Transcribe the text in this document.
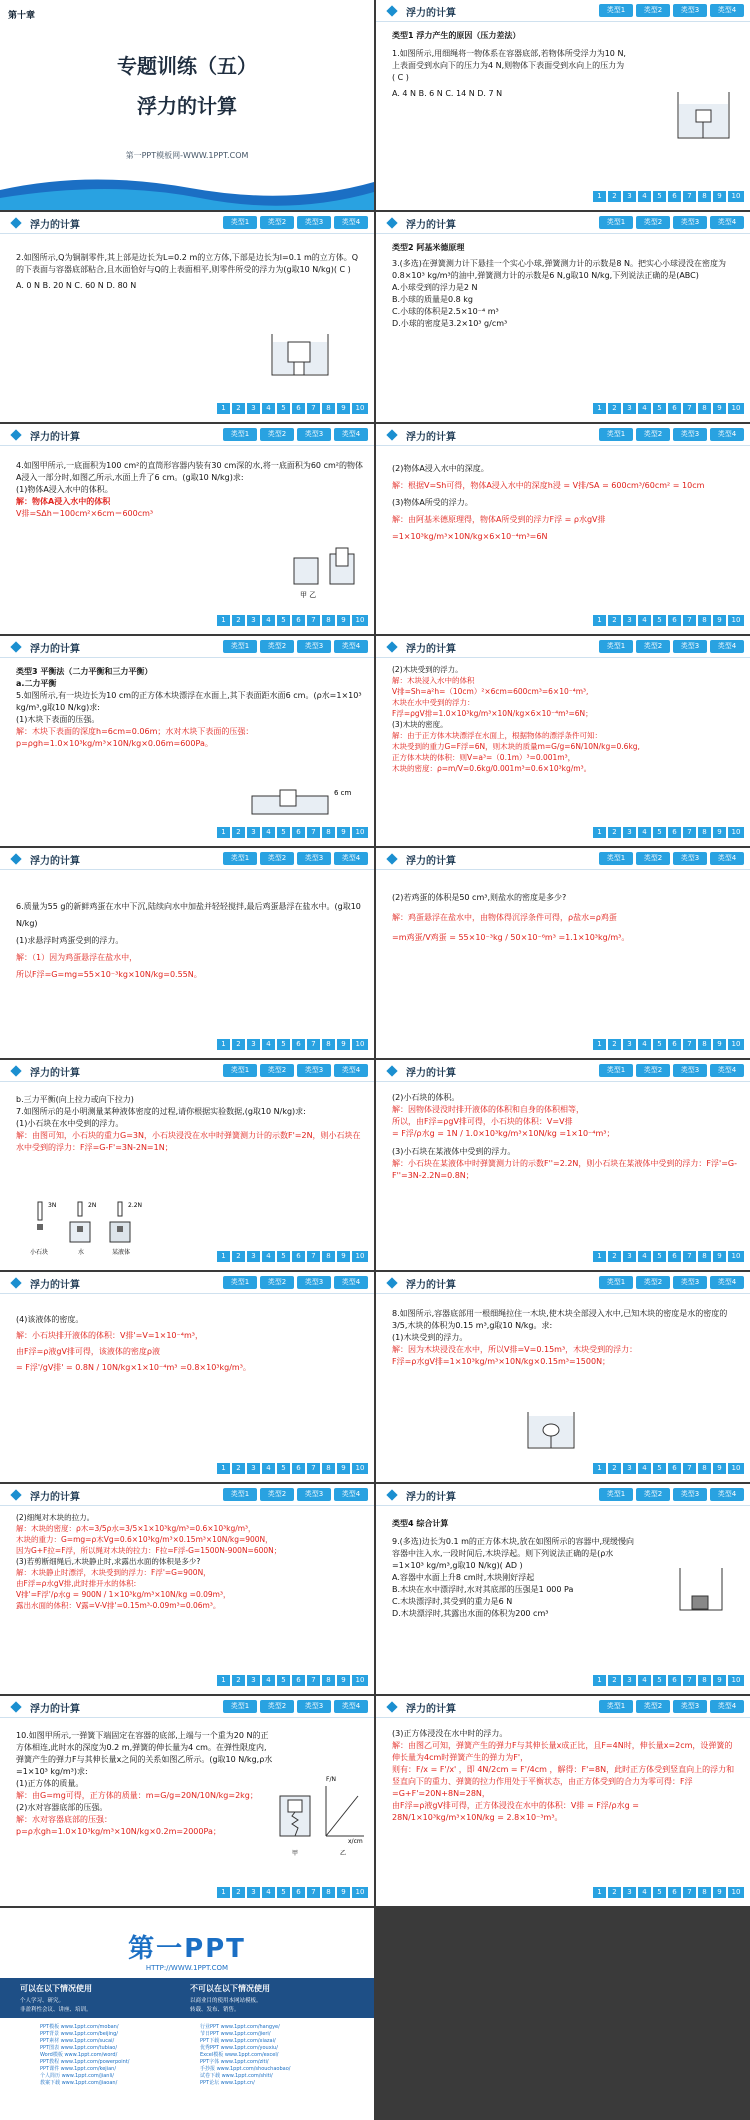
第十章
专题训练（五）
浮力的计算
第一PPT模板网-WWW.1PPT.COM
浮力的计算	类型1	类型2	类型3	类型4

类型1 浮力产生的原因（压力差法）

1.如图所示,用细绳将一物体系在容器底部,若物体所受浮力为10 N,上表面受到水向下的压力为4 N,则物体下表面受到水向上的压力为( C )

A. 4 N B. 6 N C. 14 N D. 7 N

1	2	3	4	5	6	7	8	9	10
浮力的计算	类型1	类型2	类型3	类型4

2.如图所示,Q为铜制零件,其上部是边长为L=0.2 m的立方体,下部是边长为l=0.1 m的立方体。Q的下表面与容器底部粘合,且水面恰好与Q的上表面相平,则零件所受的浮力为(g取10 N/kg)( C )

A. 0 N B. 20 N C. 60 N D. 80 N

1	2	3	4	5	6	7	8	9	10
浮力的计算	类型1	类型2	类型3	类型4

类型2 阿基米德原理

3.(多选)在弹簧测力计下悬挂一个实心小球,弹簧测力计的示数是8 N。把实心小球浸没在密度为0.8×10³ kg/m³的油中,弹簧测力计的示数是6 N,g取10 N/kg,下列说法正确的是(ABC)

A.小球受到的浮力是2 N

B.小球的质量是0.8 kg

C.小球的体积是2.5×10⁻⁴ m³

D.小球的密度是3.2×10³ g/cm³

1	2	3	4	5	6	7	8	9	10
浮力的计算	类型1	类型2	类型3	类型4

4.如图甲所示,一底面积为100 cm²的直筒形容器内装有30 cm深的水,将一底面积为60 cm²的物体A浸入一部分时,如图乙所示,水面上升了6 cm。(g取10 N/kg)求:

(1)物体A浸入水中的体积。

解：物体A浸入水中的体积

V排=SΔh＝100cm²×6cm＝600cm³

甲 乙
1	2	3	4	5	6	7	8	9	10
浮力的计算	类型1	类型2	类型3	类型4

(2)物体A浸入水中的深度。

解：根据V=Sh可得，物体A浸入水中的深度h浸 = V排/SA = 600cm³/60cm² = 10cm

(3)物体A所受的浮力。

解：由阿基米德原理得，物体A所受到的浮力F浮 = ρ水gV排

=1×10³kg/m³×10N/kg×6×10⁻⁴m³=6N

1	2	3	4	5	6	7	8	9	10
浮力的计算	类型1	类型2	类型3	类型4

类型3 平衡法（二力平衡和三力平衡）

a.二力平衡

5.如图所示,有一块边长为10 cm的正方体木块漂浮在水面上,其下表面距水面6 cm。(ρ水=1×10³ kg/m³,g取10 N/kg)求:

(1)木块下表面的压强。

解：木块下表面的深度h=6cm=0.06m；水对木块下表面的压强：

p=ρgh=1.0×10³kg/m³×10N/kg×0.06m=600Pa。

6 cm
1	2	3	4	5	6	7	8	9	10
浮力的计算	类型1	类型2	类型3	类型4

(2)木块受到的浮力。

解：木块浸入水中的体积

V排=Sh=a²h=（10cm）²×6cm=600cm³=6×10⁻⁴m³,

木块在水中受到的浮力：

F浮=ρgV排=1.0×10³kg/m³×10N/kg×6×10⁻⁴m³=6N；

(3)木块的密度。

解：由于正方体木块漂浮在水面上，根据物体的漂浮条件可知：

木块受到的重力G=F浮=6N，则木块的质量m=G/g=6N/10N/kg=0.6kg,

正方体木块的体积：则V=a³=（0.1m）³=0.001m³，

木块的密度：ρ=m/V=0.6kg/0.001m³=0.6×10³kg/m³。

1	2	3	4	5	6	7	8	9	10
浮力的计算	类型1	类型2	类型3	类型4

6.质量为55 g的新鲜鸡蛋在水中下沉,陆续向水中加盐并轻轻搅拌,最后鸡蛋悬浮在盐水中。(g取10 N/kg)

(1)求悬浮时鸡蛋受到的浮力。

解：（1）因为鸡蛋悬浮在盐水中，

所以F浮=G=mg=55×10⁻³kg×10N/kg=0.55N。

1	2	3	4	5	6	7	8	9	10
浮力的计算	类型1	类型2	类型3	类型4

(2)若鸡蛋的体积是50 cm³,则盐水的密度是多少?

解：鸡蛋悬浮在盐水中，由物体得沉浮条件可得，ρ盐水=ρ鸡蛋

=m鸡蛋/V鸡蛋 = 55×10⁻³kg / 50×10⁻⁶m³ =1.1×10³kg/m³。

1	2	3	4	5	6	7	8	9	10
浮力的计算	类型1	类型2	类型3	类型4

b.三力平衡(向上拉力或向下拉力)

7.如图所示的是小明测量某种液体密度的过程,请你根据实验数据,(g取10 N/kg)求:

(1)小石块在水中受到的浮力。

解：由图可知，小石块的重力G=3N，小石块浸没在水中时弹簧测力计的示数F'=2N，则小石块在水中受到的浮力：F浮=G-F'=3N-2N=1N；

3N	2N	2.2N
小石块	水	某液体	1	2	3	4	5	6	7	8	9	10
浮力的计算	类型1	类型2	类型3	类型4

(2)小石块的体积。

解：因物体浸没时排开液体的体积和自身的体积相等，

所以，由F浮=ρgV排可得，小石块的体积：V=V排

= F浮/ρ水g = 1N / 1.0×10³kg/m³×10N/kg =1×10⁻⁴m³；

(3)小石块在某液体中受到的浮力。

解：小石块在某液体中时弹簧测力计的示数F''=2.2N，则小石块在某液体中受到的浮力：F浮'=G-F''=3N-2.2N=0.8N；

1	2	3	4	5	6	7	8	9	10
浮力的计算	类型1	类型2	类型3	类型4

(4)该液体的密度。

解：小石块排开液体的体积：V排'=V=1×10⁻⁴m³，

由F浮=ρ液gV排可得，该液体的密度ρ液

= F浮'/gV排' = 0.8N / 10N/kg×1×10⁻⁴m³ =0.8×10³kg/m³。

1	2	3	4	5	6	7	8	9	10
浮力的计算	类型1	类型2	类型3	类型4

8.如图所示,容器底部用一根细绳拉住一木块,使木块全部浸入水中,已知木块的密度是水的密度的3/5,木块的体积为0.15 m³,g取10 N/kg。求:

(1)木块受到的浮力。

解：因为木块浸没在水中，所以V排=V=0.15m³，木块受到的浮力：

F浮=ρ水gV排=1×10³kg/m³×10N/kg×0.15m³=1500N；

1	2	3	4	5	6	7	8	9	10
浮力的计算	类型1	类型2	类型3	类型4

(2)细绳对木块的拉力。

解：木块的密度：ρ木=3/5ρ水=3/5×1×10³kg/m³=0.6×10³kg/m³，

木块的重力：G=mg=ρ木Vg=0.6×10³kg/m³×0.15m³×10N/kg=900N，

因为G+F拉=F浮，所以绳对木块的拉力：F拉=F浮-G=1500N-900N=600N；

(3)若剪断细绳后,木块静止时,求露出水面的体积是多少?

解：木块静止时漂浮，木块受到的浮力：F浮'=G=900N，

由F浮=ρ水gV排,此时排开水的体积:

V排'=F浮'/ρ水g = 900N / 1×10³kg/m³×10N/kg =0.09m³，

露出水面的体积：V露=V-V排'=0.15m³-0.09m³=0.06m³。

1	2	3	4	5	6	7	8	9	10
浮力的计算	类型1	类型2	类型3	类型4

类型4 综合计算

9.(多选)边长为0.1 m的正方体木块,放在如图所示的容器中,现缓慢向容器中注入水,一段时间后,木块浮起。则下列说法正确的是(ρ水=1×10³ kg/m³,g取10 N/kg)( AD )

A.容器中水面上升8 cm时,木块刚好浮起

B.木块在水中漂浮时,水对其底部的压强是1 000 Pa

C.木块漂浮时,其受到的重力是6 N

D.木块漂浮时,其露出水面的体积为200 cm³

1	2	3	4	5	6	7	8	9	10
浮力的计算	类型1	类型2	类型3	类型4

10.如图甲所示,一弹簧下端固定在容器的底部,上端与一个重为20 N的正方体相连,此时水的深度为0.2 m,弹簧的伸长量为4 cm。在弹性限度内,弹簧产生的弹力F与其伸长量x之间的关系如图乙所示。(g取10 N/kg,ρ水=1×10³ kg/m³)求:

(1)正方体的质量。

解：由G=mg可得，正方体的质量：m=G/g=20N/10N/kg=2kg；

(2)水对容器底部的压强。

解：水对容器底部的压强：

p=ρ水gh=1.0×10³kg/m³×10N/kg×0.2m=2000Pa；

甲	乙
F/N
x/cm
1	2	3	4	5	6	7	8	9	10
浮力的计算	类型1	类型2	类型3	类型4

(3)正方体浸没在水中时的浮力。

解：由图乙可知，弹簧产生的弹力F与其伸长量x成正比，且F=4N时，伸长量x=2cm，设弹簧的伸长量为4cm时弹簧产生的弹力为F'，

则有：F/x = F'/x' ，即 4N/2cm = F'/4cm ，解得：F'=8N，此时正方体受到竖直向上的浮力和竖直向下的重力、弹簧的拉力作用处于平衡状态，由正方体受到的合力为零可得：F浮=G+F'=20N+8N=28N，

由F浮=ρ液gV排可得，正方体浸没在水中的体积：V排 = F浮/ρ水g = 28N/1×10³kg/m³×10N/kg = 2.8×10⁻³m³。

1	2	3	4	5	6	7	8	9	10
第一PPT
HTTP://WWW.1PPT.COM
可以在以下情况使用
个人学习、研究。
非盈利性会议、讲座、培训。
不可以在以下情况使用
以商业目的使用本网站模板。
转载、发布、销售。
PPT模板 www.1ppt.com/moban/
PPT背景 www.1ppt.com/beijing/
PPT素材 www.1ppt.com/sucai/
PPT图表 www.1ppt.com/tubiao/
Word模板 www.1ppt.com/word/
PPT教程 www.1ppt.com/powerpoint/
PPT课件 www.1ppt.com/kejian/
个人简历 www.1ppt.com/jianli/
教案下载 www.1ppt.com/jiaoan/
行业PPT www.1ppt.com/hangye/
节日PPT www.1ppt.com/jieri/
PPT下载 www.1ppt.com/xiazai/
优秀PPT www.1ppt.com/youxiu/
Excel模板 www.1ppt.com/excel/
PPT字体 www.1ppt.com/ziti/
手抄报 www.1ppt.com/shouchaobao/
试卷下载 www.1ppt.com/shiti/
PPT论坛 www.1ppt.cn/
